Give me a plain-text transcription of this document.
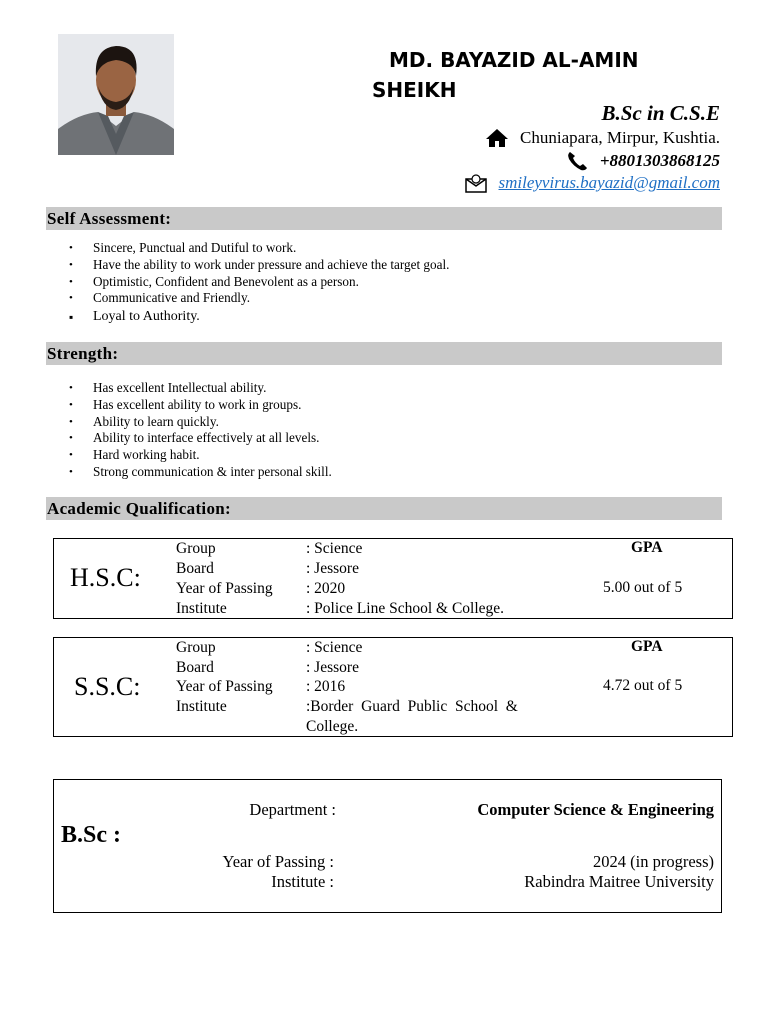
MD. BAYAZID AL-AMIN
SHEIKH
B.Sc in C.S.E
Chuniapara, Mirpur, Kushtia.
+8801303868125
smileyvirus.bayazid@gmail.com
Self Assessment:
• Sincere, Punctual and Dutiful to work.
• Have the ability to work under pressure and achieve the target goal.
• Optimistic, Confident and Benevolent as a person.
• Communicative and Friendly.
▪ Loyal to Authority.
Strength:
• Has excellent Intellectual ability.
• Has excellent ability to work in groups.
• Ability to learn quickly.
• Ability to interface effectively at all levels.
• Hard working habit.
• Strong communication & inter personal skill.
Academic Qualification:
H.S.C:
Group	: Science
Board	: Jessore
Year of Passing	: 2020
Institute	: Police Line School & College.
GPA
5.00 out of 5
S.S.C:
Group	: Science
Board	: Jessore
Year of Passing	: 2016
Institute	:Border  Guard  Public  School  &
College.
GPA
4.72 out of 5
B.Sc :
Department :	Computer Science & Engineering
Year of Passing :	2024 (in progress)
Institute :	Rabindra Maitree University
